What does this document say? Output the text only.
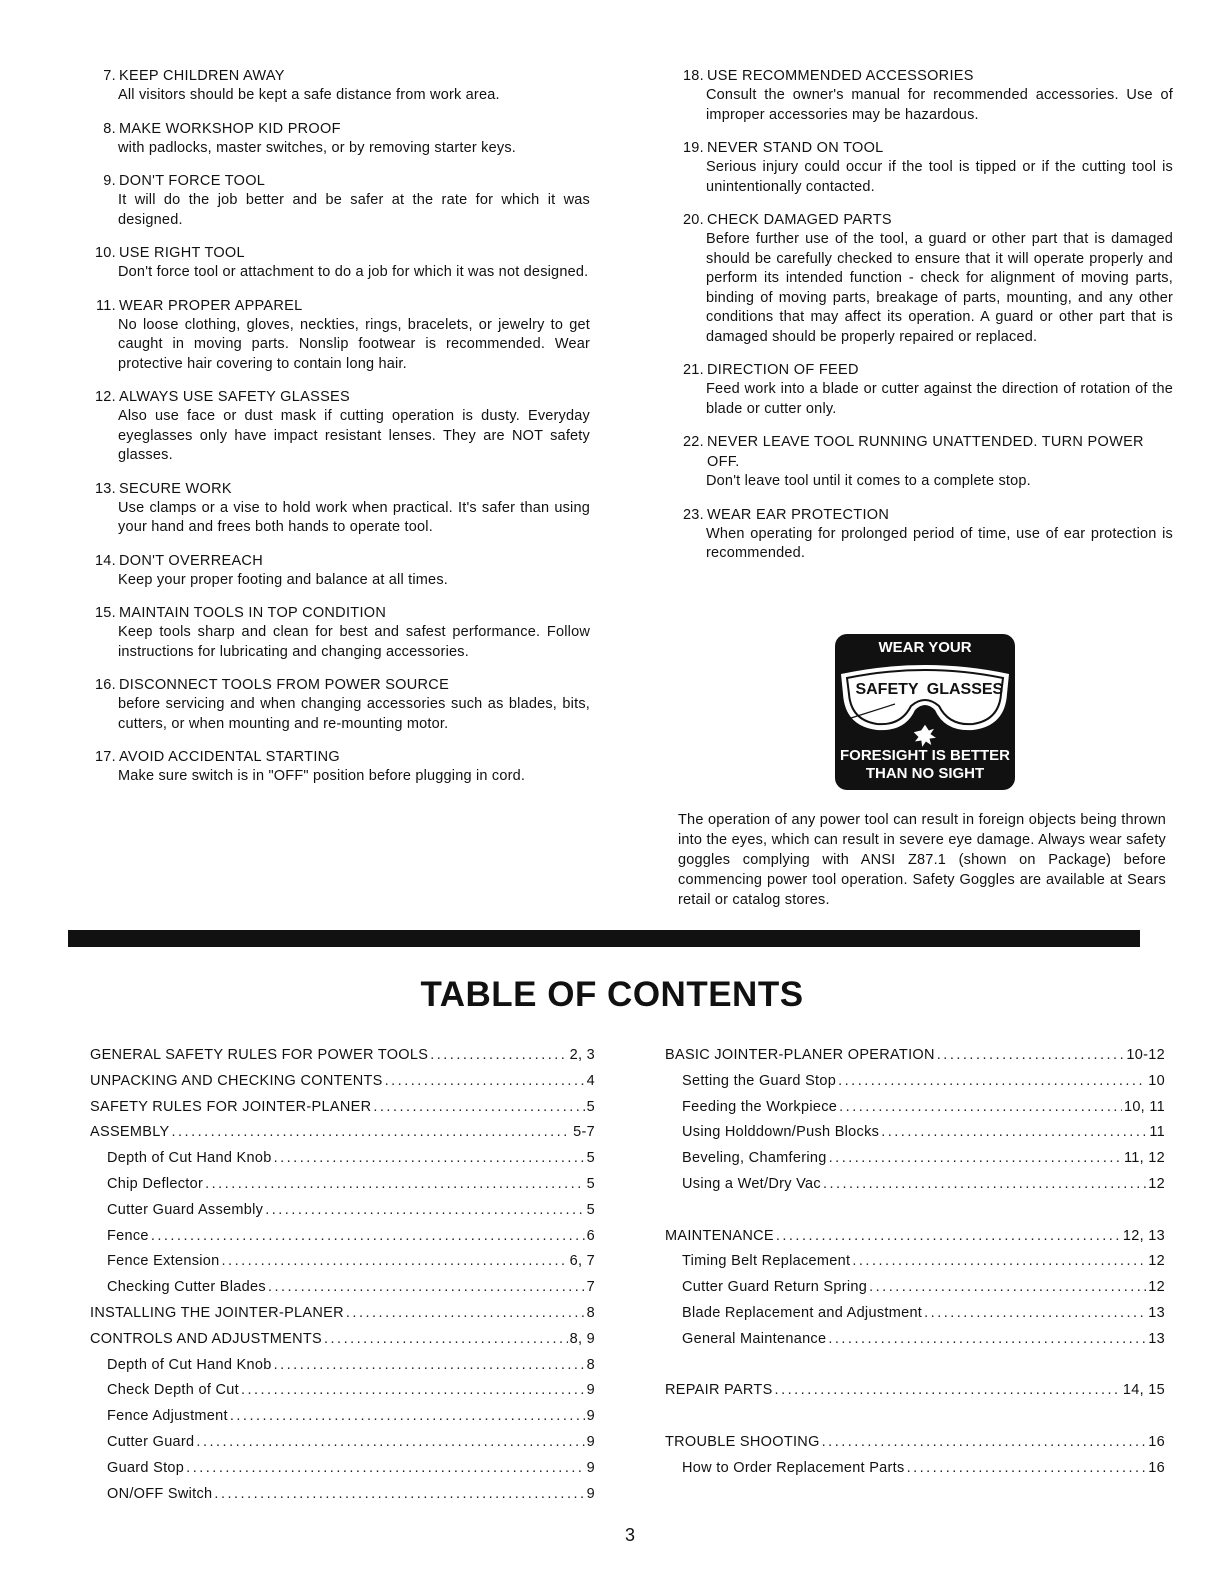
7. KEEP CHILDREN AWAY
All visitors should be kept a safe distance from work area.
8. MAKE WORKSHOP KID PROOF
with padlocks, master switches, or by removing starter keys.
9. DON'T FORCE TOOL
It will do the job better and be safer at the rate for which it was designed.
10. USE RIGHT TOOL
Don't force tool or attachment to do a job for which it was not designed.
11. WEAR PROPER APPAREL
No loose clothing, gloves, neckties, rings, bracelets, or jewelry to get caught in moving parts. Nonslip footwear is recommended. Wear protective hair covering to contain long hair.
12. ALWAYS USE SAFETY GLASSES
Also use face or dust mask if cutting operation is dusty. Everyday eyeglasses only have impact resistant lenses. They are NOT safety glasses.
13. SECURE WORK
Use clamps or a vise to hold work when practical. It's safer than using your hand and frees both hands to operate tool.
14. DON'T OVERREACH
Keep your proper footing and balance at all times.
15. MAINTAIN TOOLS IN TOP CONDITION
Keep tools sharp and clean for best and safest performance. Follow instructions for lubricating and changing accessories.
16. DISCONNECT TOOLS FROM POWER SOURCE
before servicing and when changing accessories such as blades, bits, cutters, or when mounting and re-mounting motor.
17. AVOID ACCIDENTAL STARTING
Make sure switch is in "OFF" position before plugging in cord.
18. USE RECOMMENDED ACCESSORIES
Consult the owner's manual for recommended accessories. Use of improper accessories may be hazardous.
19. NEVER STAND ON TOOL
Serious injury could occur if the tool is tipped or if the cutting tool is unintentionally contacted.
20. CHECK DAMAGED PARTS
Before further use of the tool, a guard or other part that is damaged should be carefully checked to ensure that it will operate properly and perform its intended function - check for alignment of moving parts, binding of moving parts, breakage of parts, mounting, and any other conditions that may affect its operation. A guard or other part that is damaged should be properly repaired or replaced.
21. DIRECTION OF FEED
Feed work into a blade or cutter against the direction of rotation of the blade or cutter only.
22. NEVER LEAVE TOOL RUNNING UNATTENDED. TURN POWER OFF.
Don't leave tool until it comes to a complete stop.
23. WEAR EAR PROTECTION
When operating for prolonged period of time, use of ear protection is recommended.
WEAR YOUR
SAFETY GLASSES
FORESIGHT IS BETTER
THAN NO SIGHT
The operation of any power tool can result in foreign objects being thrown into the eyes, which can result in severe eye damage. Always wear safety goggles complying with ANSI Z87.1 (shown on Package) before commencing power tool operation. Safety Goggles are available at Sears retail or catalog stores.
TABLE OF CONTENTS
GENERAL SAFETY RULES FOR POWER TOOLS .....	2, 3
UNPACKING AND CHECKING CONTENTS .....	4
SAFETY RULES FOR JOINTER-PLANER .....	5
ASSEMBLY .....	5-7
Depth of Cut Hand Knob .....	5
Chip Deflector .....	5
Cutter Guard Assembly .....	5
Fence .....	6
Fence Extension .....	6, 7
Checking Cutter Blades .....	7
INSTALLING THE JOINTER-PLANER .....	8
CONTROLS AND ADJUSTMENTS .....	8, 9
Depth of Cut Hand Knob .....	8
Check Depth of Cut .....	9
Fence Adjustment .....	9
Cutter Guard .....	9
Guard Stop .....	9
ON/OFF Switch .....	9
BASIC JOINTER-PLANER OPERATION .....	10-12
Setting the Guard Stop .....	10
Feeding the Workpiece .....	10, 11
Using Holddown/Push Blocks .....	11
Beveling, Chamfering .....	11, 12
Using a Wet/Dry Vac .....	12
MAINTENANCE .....	12, 13
Timing Belt Replacement .....	12
Cutter Guard Return Spring .....	12
Blade Replacement and Adjustment .....	13
General Maintenance .....	13
REPAIR PARTS .....	14, 15
TROUBLE SHOOTING .....	16
How to Order Replacement Parts .....	16
3
